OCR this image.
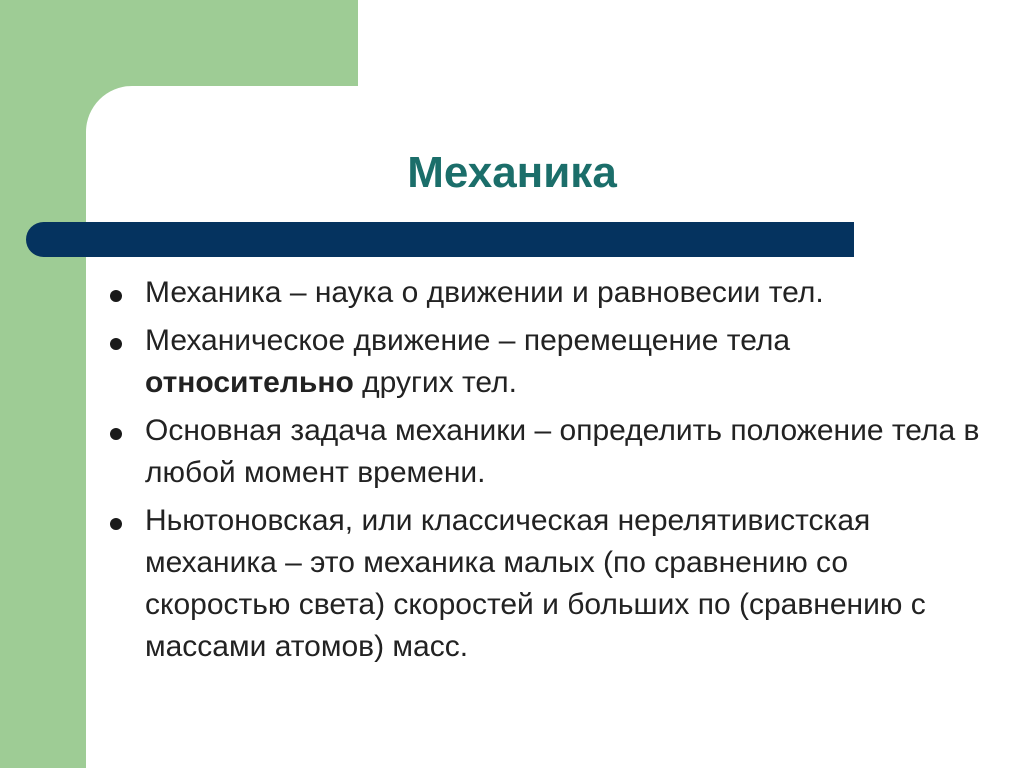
Механика
Механика – наука о движении и равновесии тел.
Механическое движение – перемещение тела относительно других тел.
Основная задача механики – определить положение тела в любой момент времени.
Ньютоновская, или классическая нерелятивистская механика – это механика малых (по сравнению со скоростью света) скоростей и больших по (сравнению с массами атомов) масс.
